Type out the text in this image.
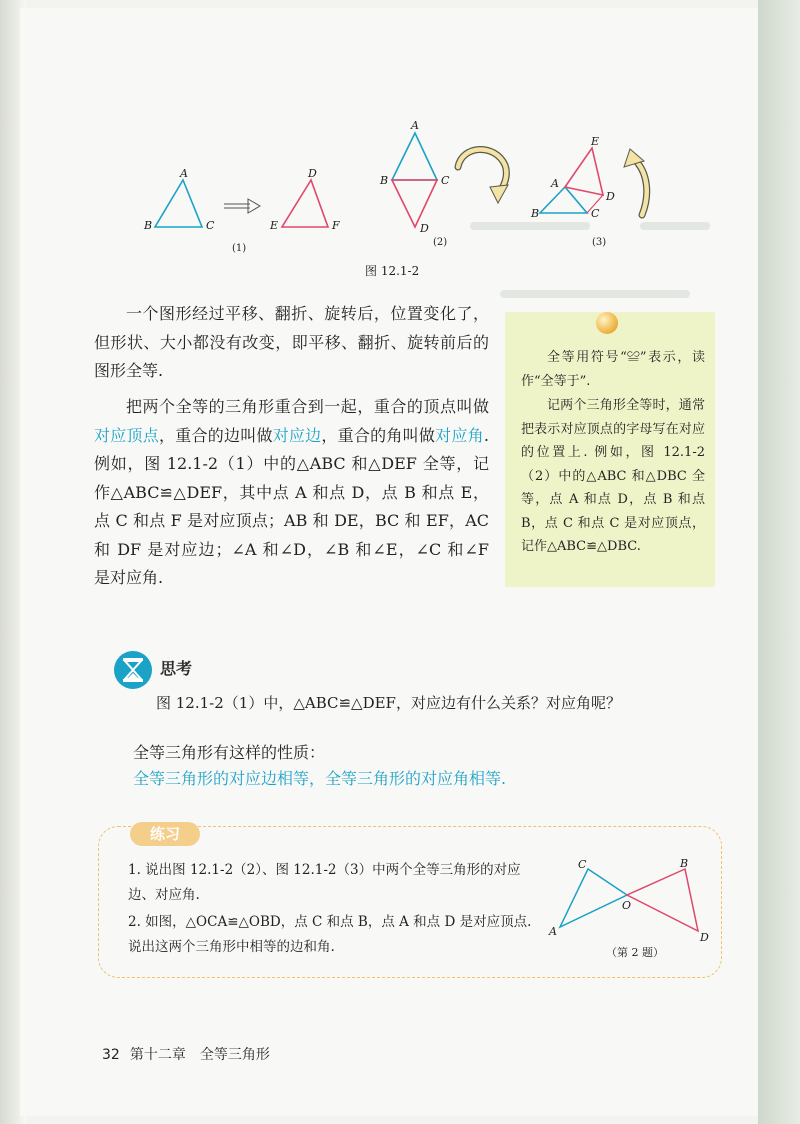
A
B	C
D
E	F
(1)
A
B	C
D
(2)
A
B	C
D
E
(3)
图 12.1-2

一个图形经过平移、翻折、旋转后，位置变化了，但形状、大小都没有改变，即平移、翻折、旋转前后的图形全等.

把两个全等的三角形重合到一起，重合的顶点叫做对应顶点，重合的边叫做对应边，重合的角叫做对应角. 例如，图 12.1-2（1）中的△ABC 和△DEF 全等，记作△ABC≌△DEF，其中点 A 和点 D，点 B 和点 E，点 C 和点 F 是对应顶点；AB 和 DE，BC 和 EF，AC 和 DF 是对应边；∠A 和∠D，∠B 和∠E，∠C 和∠F 是对应角.

全等用符号“≌”表示，读作“全等于”.

记两个三角形全等时，通常把表示对应顶点的字母写在对应的位置上. 例如，图 12.1-2（2）中的△ABC 和△DBC 全等，点 A 和点 D，点 B 和点 B，点 C 和点 C 是对应顶点，记作△ABC≌△DBC.

思考
图 12.1-2（1）中，△ABC≌△DEF，对应边有什么关系？对应角呢？
全等三角形有这样的性质：
全等三角形的对应边相等，全等三角形的对应角相等.
练习

1. 说出图 12.1-2（2）、图 12.1-2（3）中两个全等三角形的对应边、对应角.

2. 如图，△OCA≌△OBD，点 C 和点 B，点 A 和点 D 是对应顶点. 说出这两个三角形中相等的边和角.

C	B
O
A	D
（第 2 题）
32 第十二章　全等三角形
